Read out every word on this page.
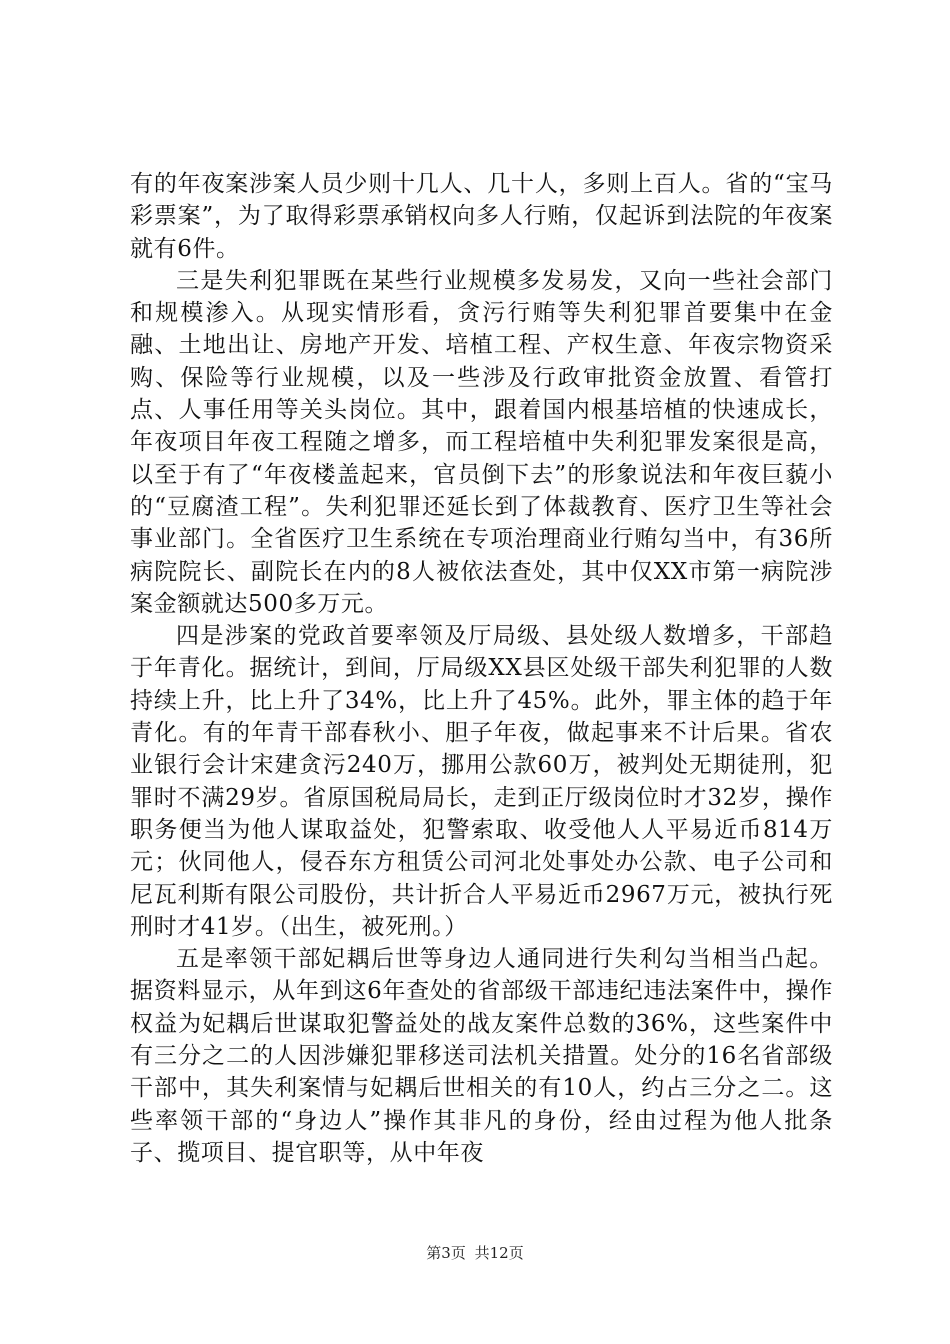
有的年夜案涉案人员少则十几人、几十人，多则上百人。省的“宝马彩票案”，为了取得彩票承销权向多人行贿，仅起诉到法院的年夜案就有6件。

三是失利犯罪既在某些行业规模多发易发，又向一些社会部门和规模渗入。从现实情形看，贪污行贿等失利犯罪首要集中在金融、土地出让、房地产开发、培植工程、产权生意、年夜宗物资采购、保险等行业规模，以及一些涉及行政审批资金放置、看管打点、人事任用等关头岗位。其中，跟着国内根基培植的快速成长，年夜项目年夜工程随之增多，而工程培植中失利犯罪发案很是高，以至于有了“年夜楼盖起来，官员倒下去”的形象说法和年夜巨藐小的“豆腐渣工程”。失利犯罪还延长到了体裁教育、医疗卫生等社会事业部门。全省医疗卫生系统在专项治理商业行贿勾当中，有36所病院院长、副院长在内的8人被依法查处，其中仅XX市第一病院涉案金额就达500多万元。

四是涉案的党政首要率领及厅局级、县处级人数增多，干部趋于年青化。据统计，到间，厅局级XX县区处级干部失利犯罪的人数持续上升，比上升了34%，比上升了45%。此外，罪主体的趋于年青化。有的年青干部春秋小、胆子年夜，做起事来不计后果。省农业银行会计宋建贪污240万，挪用公款60万，被判处无期徒刑，犯罪时不满29岁。省原国税局局长，走到正厅级岗位时才32岁，操作职务便当为他人谋取益处，犯警索取、收受他人人平易近币814万元；伙同他人，侵吞东方租赁公司河北处事处办公款、电子公司和尼瓦利斯有限公司股份，共计折合人平易近币2967万元，被执行死刑时才41岁。（出生，被死刑。）

五是率领干部妃耦后世等身边人通同进行失利勾当相当凸起。据资料显示，从年到这6年查处的省部级干部违纪违法案件中，操作权益为妃耦后世谋取犯警益处的战友案件总数的36%，这些案件中有三分之二的人因涉嫌犯罪移送司法机关措置。处分的16名省部级干部中，其失利案情与妃耦后世相关的有10人，约占三分之二。这些率领干部的“身边人”操作其非凡的身份，经由过程为他人批条子、揽项目、提官职等，从中年夜

第3页 共12页
